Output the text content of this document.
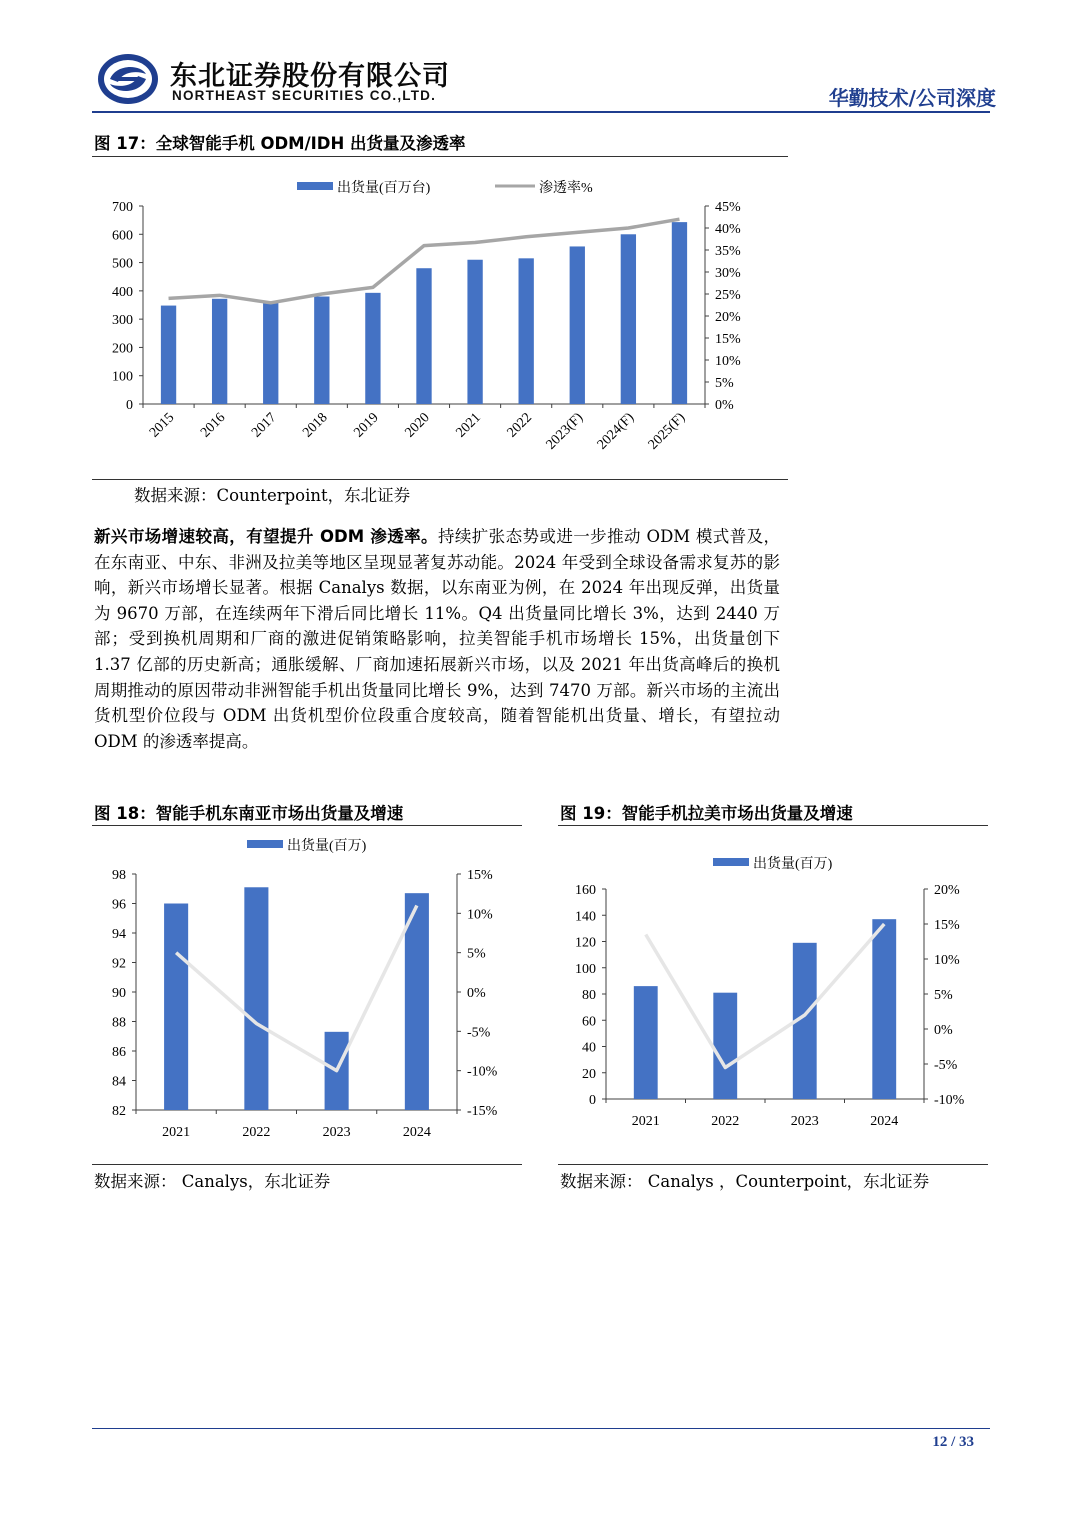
东北证券股份有限公司
NORTHEAST SECURITIES CO.,LTD.	华勤技术/公司深度
图 17：全球智能手机 ODM/IDH 出货量及渗透率
0
100
200
300
400
500
600
700
0%
5%
10%
15%
20%
25%
30%
35%
40%
45%
2015 2016 2017 2018 2019 2020 2021 2022 2023(F) 2024(F) 2025(F)
出货量(百万台)	渗透率%
数据来源：Counterpoint，东北证券
新兴市场增速较高，有望提升 ODM 渗透率。持续扩张态势或进一步推动 ODM 模式普及，在东南亚、中东、非洲及拉美等地区呈现显著复苏动能。2024 年受到全球设备需求复苏的影响，新兴市场增长显著。根据 Canalys 数据，以东南亚为例，在 2024 年出现反弹，出货量为 9670 万部，在连续两年下滑后同比增长 11%。Q4 出货量同比增长 3%，达到 2440 万部；受到换机周期和厂商的激进促销策略影响，拉美智能手机市场增长 15%，出货量创下 1.37 亿部的历史新高；通胀缓解、厂商加速拓展新兴市场，以及 2021 年出货高峰后的换机周期推动的原因带动非洲智能手机出货量同比增长 9%，达到 7470 万部。新兴市场的主流出货机型价位段与 ODM 出货机型价位段重合度较高，随着智能机出货量、增长，有望拉动 ODM 的渗透率提高。
图 18：智能手机东南亚市场出货量及增速
82
84
86
88
90
92
94
96
98
-15%
-10%
-5%
0%
5%
10%
15%
2021	2022	2023	2024
出货量(百万)
数据来源： Canalys，东北证券
图 19：智能手机拉美市场出货量及增速
0
20
40
60
80
100
120
140
160
-10%
-5%
0%
5%
10%
15%
20%
2021	2022	2023	2024
出货量(百万)
数据来源： Canalys ，Counterpoint，东北证券
12 / 33
